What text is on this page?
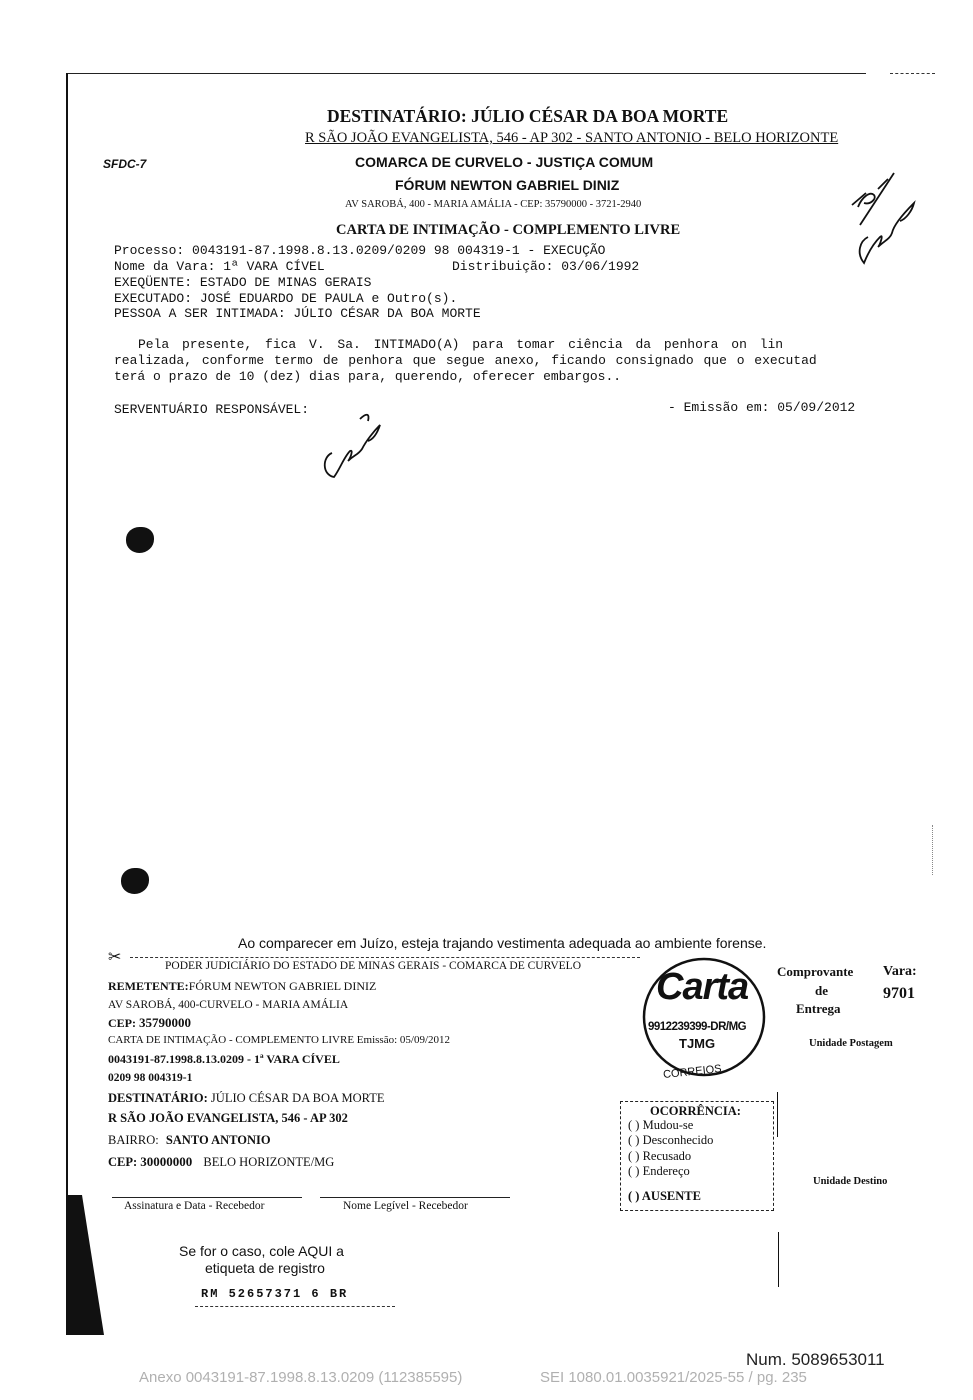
DESTINATÁRIO: JÚLIO CÉSAR DA BOA MORTE
R SÃO JOÃO EVANGELISTA, 546 - AP 302 - SANTO ANTONIO - BELO HORIZONTE
SFDC-7	COMARCA DE CURVELO - JUSTIÇA COMUM
FÓRUM NEWTON GABRIEL DINIZ
AV SAROBÁ, 400 - MARIA AMÁLIA - CEP: 35790000 - 3721-2940
CARTA DE INTIMAÇÃO - COMPLEMENTO LIVRE
Processo: 0043191-87.1998.8.13.0209/0209 98 004319-1 - EXECUÇÃO
Nome da Vara: 1ª VARA CÍVEL	Distribuição: 03/06/1992
EXEQÜENTE: ESTADO DE MINAS GERAIS
EXECUTADO: JOSÉ EDUARDO DE PAULA e Outro(s).
PESSOA A SER INTIMADA: JÚLIO CÉSAR DA BOA MORTE
Pela presente, fica V. Sa. INTIMADO(A) para tomar ciência da penhora on lin
realizada, conforme termo de penhora que segue anexo, ficando consignado que o executad
terá o prazo de 10 (dez) dias para, querendo, oferecer embargos..
SERVENTUÁRIO RESPONSÁVEL:	- Emissão em: 05/09/2012
Ao comparecer em Juízo, esteja trajando vestimenta adequada ao ambiente forense.
✂	PODER JUDICIÁRIO DO ESTADO DE MINAS GERAIS - COMARCA DE CURVELO
REMETENTE:FÓRUM NEWTON GABRIEL DINIZ
AV SAROBÁ, 400-CURVELO - MARIA AMÁLIA
CEP: 35790000
CARTA DE INTIMAÇÃO - COMPLEMENTO LIVRE Emissão: 05/09/2012
0043191-87.1998.8.13.0209 - 1ª VARA CÍVEL
0209 98 004319-1
DESTINATÁRIO: JÚLIO CÉSAR DA BOA MORTE
R SÃO JOÃO EVANGELISTA, 546 - AP 302
BAIRRO: SANTO ANTONIO
CEP: 30000000 BELO HORIZONTE/MG
Assinatura e Data - Recebedor	Nome Legível - Recebedor
Se for o caso, cole AQUI a
etiqueta de registro
RM 52657371 6 BR
Carta
9912239399-DR/MG
TJMG
CORREIOS
Comprovante
de
Entrega
Vara:
9701
Unidade Postagem
Unidade Destino
OCORRÊNCIA:
( ) Mudou-se
( ) Desconhecido
( ) Recusado
( ) Endereço
( ) AUSENTE
Num. 5089653011
Anexo 0043191-87.1998.8.13.0209 (112385595)	SEI 1080.01.0035921/2025-55 / pg. 235
